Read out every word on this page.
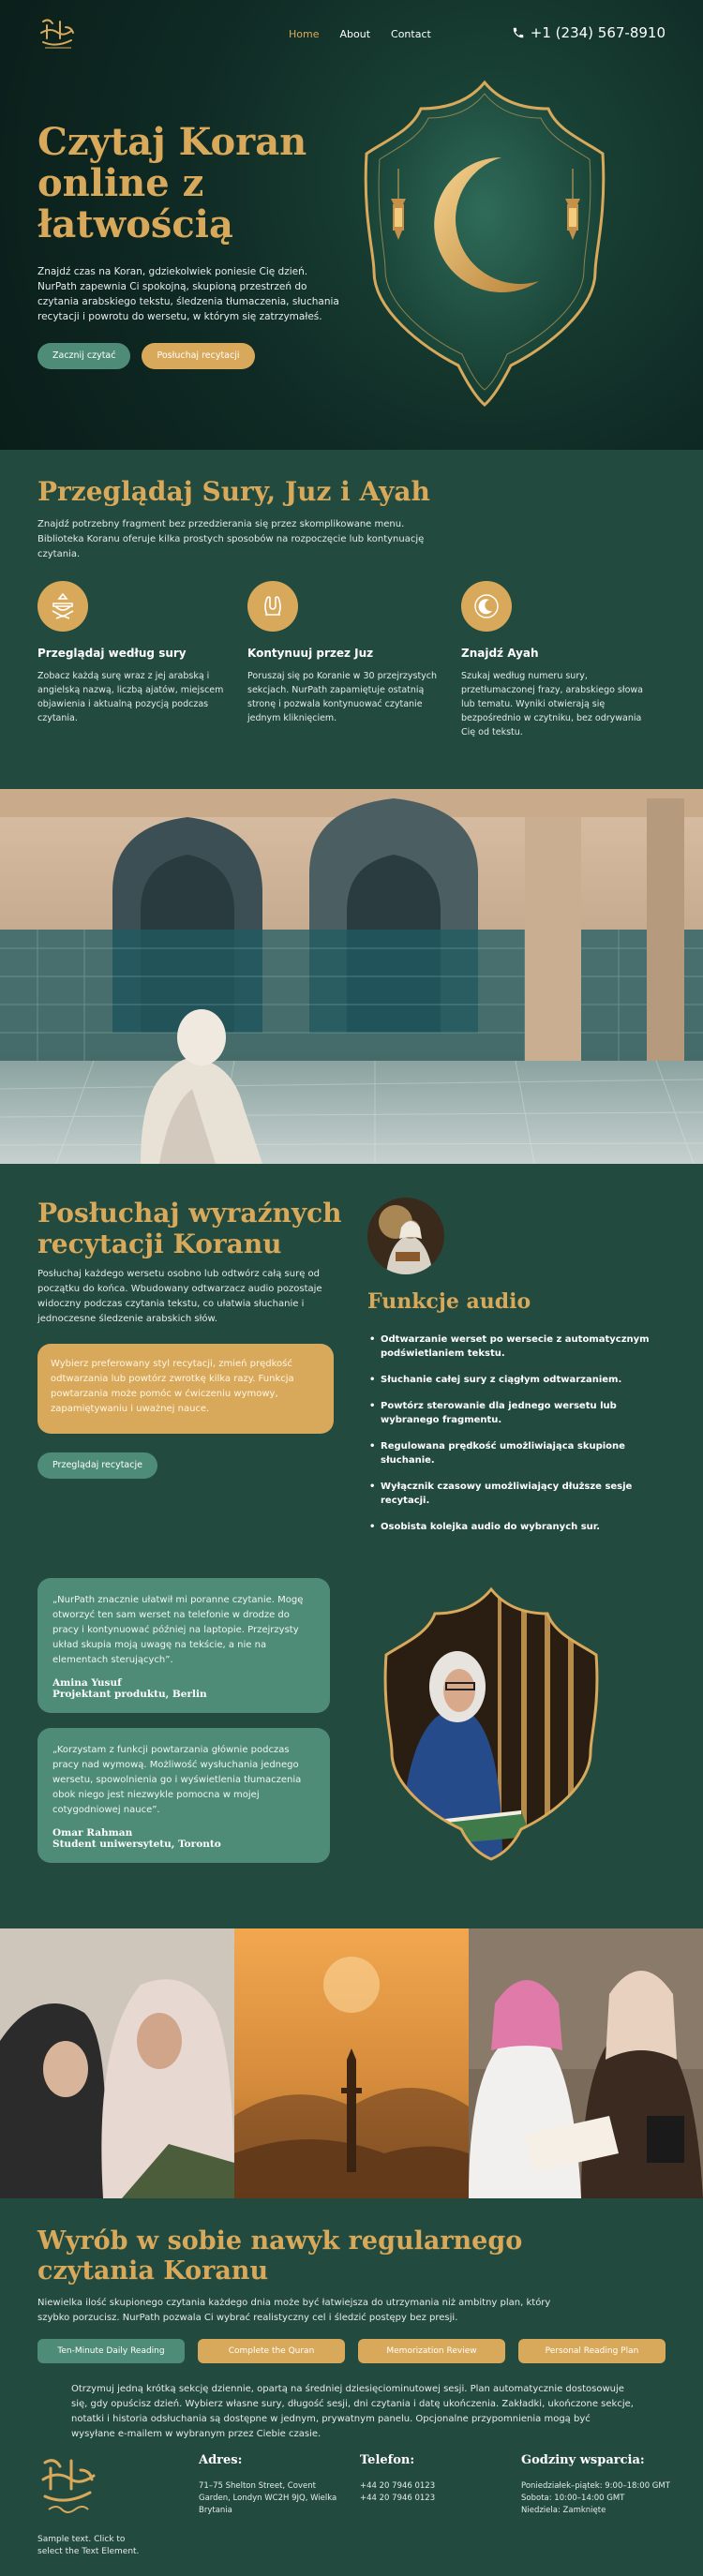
Home About Contact	+1 (234) 567-8910
Czytaj Koran online z łatwością

Znajdź czas na Koran, gdziekolwiek poniesie Cię dzień. NurPath zapewnia Ci spokojną, skupioną przestrzeń do czytania arabskiego tekstu, śledzenia tłumaczenia, słuchania recytacji i powrotu do wersetu, w którym się zatrzymałeś.

Zacznij czytać	Posłuchaj recytacji
Przeglądaj Sury, Juz i Ayah

Znajdź potrzebny fragment bez przedzierania się przez skomplikowane menu. Biblioteka Koranu oferuje kilka prostych sposobów na rozpoczęcie lub kontynuację czytania.

Przeglądaj według sury

Zobacz każdą surę wraz z jej arabską i angielską nazwą, liczbą ajatów, miejscem objawienia i aktualną pozycją podczas czytania.

Kontynuuj przez Juz

Poruszaj się po Koranie w 30 przejrzystych sekcjach. NurPath zapamiętuje ostatnią stronę i pozwala kontynuować czytanie jednym kliknięciem.

Znajdź Ayah

Szukaj według numeru sury, przetłumaczonej frazy, arabskiego słowa lub tematu. Wyniki otwierają się bezpośrednio w czytniku, bez odrywania Cię od tekstu.

Posłuchaj wyraźnych recytacji Koranu

Posłuchaj każdego wersetu osobno lub odtwórz całą surę od początku do końca. Wbudowany odtwarzacz audio pozostaje widoczny podczas czytania tekstu, co ułatwia słuchanie i jednoczesne śledzenie arabskich słów.

Wybierz preferowany styl recytacji, zmień prędkość odtwarzania lub powtórz zwrotkę kilka razy. Funkcja powtarzania może pomóc w ćwiczeniu wymowy, zapamiętywaniu i uważnej nauce.
Przeglądaj recytacje
Funkcje audio
• Odtwarzanie werset po wersecie z automatycznym podświetlaniem tekstu.
• Słuchanie całej sury z ciągłym odtwarzaniem.
• Powtórz sterowanie dla jednego wersetu lub wybranego fragmentu.
• Regulowana prędkość umożliwiająca skupione słuchanie.
• Wyłącznik czasowy umożliwiający dłuższe sesje recytacji.
• Osobista kolejka audio do wybranych sur.

„NurPath znacznie ułatwił mi poranne czytanie. Mogę otworzyć ten sam werset na telefonie w drodze do pracy i kontynuować później na laptopie. Przejrzysty układ skupia moją uwagę na tekście, a nie na elementach sterujących”.

Amina Yusuf

Projektant produktu, Berlin

„Korzystam z funkcji powtarzania głównie podczas pracy nad wymową. Możliwość wysłuchania jednego wersetu, spowolnienia go i wyświetlenia tłumaczenia obok niego jest niezwykle pomocna w mojej cotygodniowej nauce”.

Omar Rahman

Student uniwersytetu, Toronto

Wyrób w sobie nawyk regularnego czytania Koranu

Niewielka ilość skupionego czytania każdego dnia może być łatwiejsza do utrzymania niż ambitny plan, który szybko porzucisz. NurPath pozwala Ci wybrać realistyczny cel i śledzić postępy bez presji.

Ten-Minute Daily Reading	Complete the Quran	Memorization Review	Personal Reading Plan

Otrzymuj jedną krótką sekcję dziennie, opartą na średniej dziesięciominutowej sesji. Plan automatycznie dostosowuje się, gdy opuścisz dzień. Wybierz własne sury, długość sesji, dni czytania i datę ukończenia. Zakładki, ukończone sekcje, notatki i historia odsłuchania są dostępne w jednym, prywatnym panelu. Opcjonalne przypomnienia mogą być wysyłane e-mailem w wybranym przez Ciebie czasie.

Sample text. Click to select the Text Element.

Adres:

71–75 Shelton Street, Covent Garden, Londyn WC2H 9JQ, Wielka Brytania

Telefon:

+44 20 7946 0123

+44 20 7946 0123

Godziny wsparcia:

Poniedziałek–piątek: 9:00–18:00 GMT

Sobota: 10:00–14:00 GMT

Niedziela: Zamknięte
